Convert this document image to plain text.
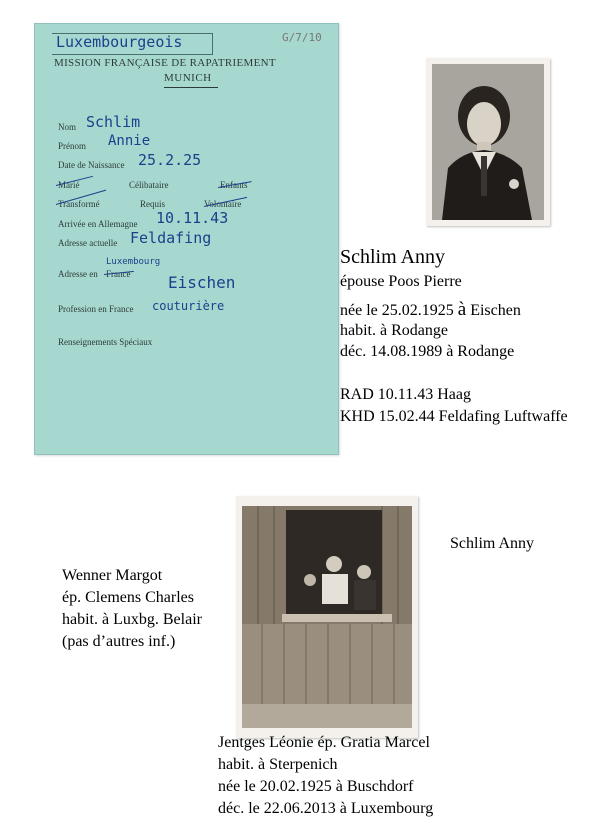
Luxembourgeois	G/7/10
MISSION FRANÇAISE DE RAPATRIEMENT
MUNICH
Nom Schlim
Prénom Annie
Date de Naissance 25.2.25
Marié	Célibataire	Enfants
Transformé	Requis	Volontaire
Arrivée en Allemagne 10.11.43
Adresse actuelle Feldafing
Luxembourg
Adresse en France Eischen
Profession en France couturière
Renseignements Spéciaux
Schlim Anny
épouse Poos Pierre
née le 25.02.1925 à Eischen
habit. à Rodange
déc. 14.08.1989 à Rodange
RAD 10.11.43 Haag
KHD 15.02.44 Feldafing Luftwaffe
Schlim Anny
Wenner Margot
ép. Clemens Charles
habit. à Luxbg. Belair
(pas d’autres inf.)
Jentges Léonie ép. Gratia Marcel
habit. à Sterpenich
née le 20.02.1925 à Buschdorf
déc. le 22.06.2013 à Luxembourg
